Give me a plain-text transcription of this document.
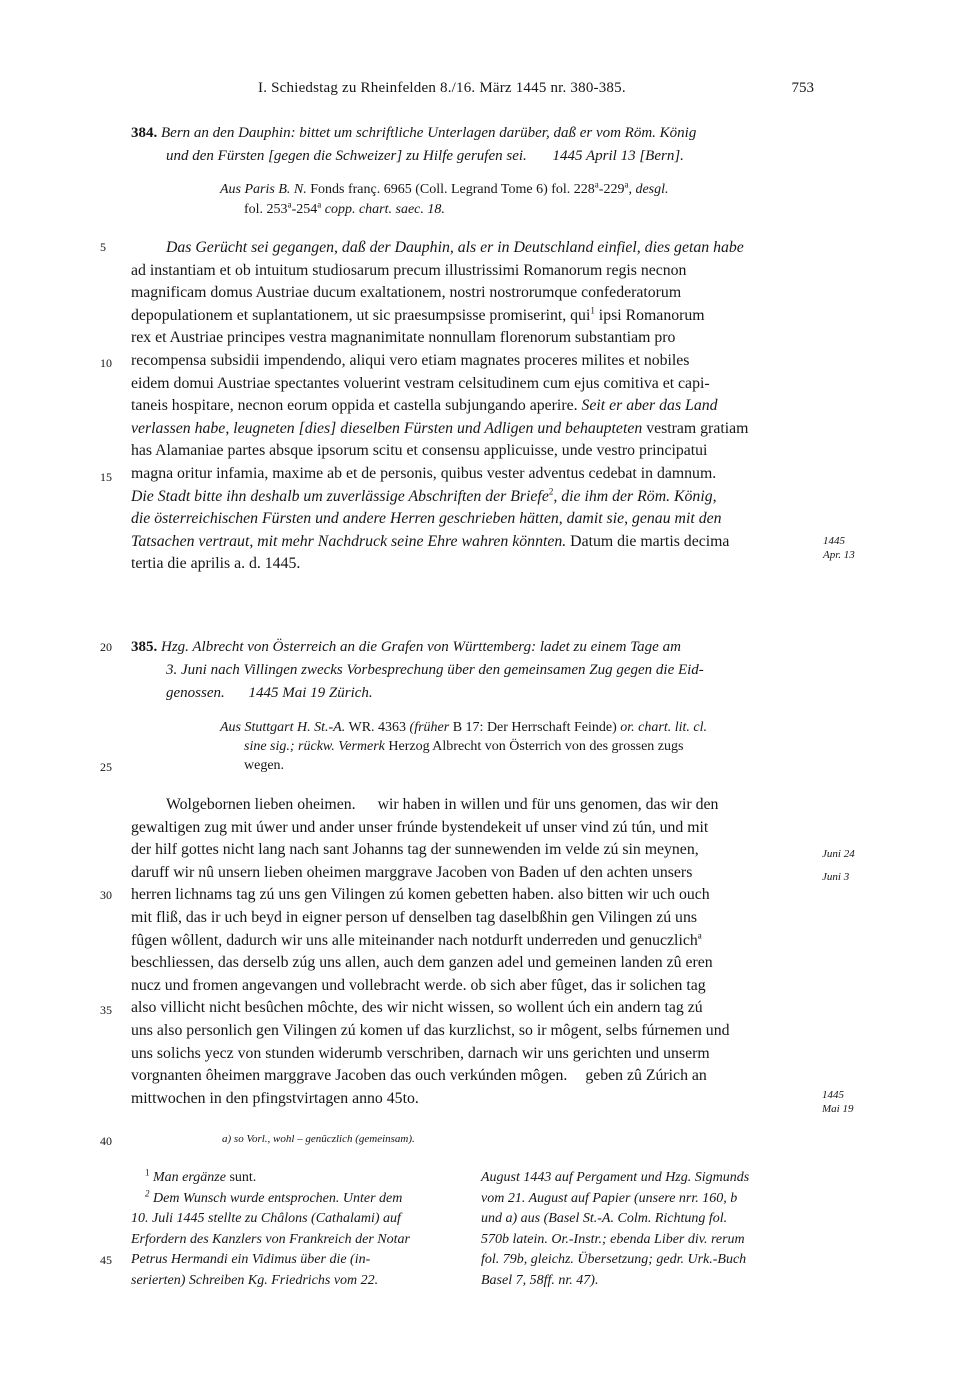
I. Schiedstag zu Rheinfelden 8./16. März 1445 nr. 380-385.	753
384. Bern an den Dauphin: bittet um schriftliche Unterlagen darüber, daß er vom Röm. König
und den Fürsten [gegen die Schweizer] zu Hilfe gerufen sei. 1445 April 13 [Bern].
Aus Paris B. N. Fonds franç. 6965 (Coll. Legrand Tome 6) fol. 228$^a$-229$^a$, desgl.
fol. 253$^a$-254$^a$ copp. chart. saec. 18.
5
10
15
Das Gerücht sei gegangen, daß der Dauphin, als er in Deutschland einfiel, dies getan habe
ad instantiam et ob intuitum studiosarum precum illustrissimi Romanorum regis necnon
magnificam domus Austriae ducum exaltationem, nostri nostrorumque confederatorum
depopulationem et suplantationem, ut sic praesumpsisse promiserint, qui$^1$ ipsi Romanorum
rex et Austriae principes vestra magnanimitate nonnullam florenorum substantiam pro
recompensa subsidii impendendo, aliqui vero etiam magnates proceres milites et nobiles
eidem domui Austriae spectantes voluerint vestram celsitudinem cum ejus comitiva et capi-
taneis hospitare, necnon eorum oppida et castella subjungando aperire. Seit er aber das Land
verlassen habe, leugneten [dies] dieselben Fürsten und Adligen und behaupteten vestram gratiam
has Alamaniae partes absque ipsorum scitu et consensu applicuisse, unde vestro principatui
magna oritur infamia, maxime ab et de personis, quibus vester adventus cedebat in damnum.
Die Stadt bitte ihn deshalb um zuverlässige Abschriften der Briefe$^2$, die ihm der Röm. König,
die österreichischen Fürsten und andere Herren geschrieben hätten, damit sie, genau mit den
Tatsachen vertraut, mit mehr Nachdruck seine Ehre wahren könnten. Datum die martis decima
tertia die aprilis a. d. 1445.
1445
Apr. 13
20	385. Hzg. Albrecht von Österreich an die Grafen von Württemberg: ladet zu einem Tage am
3. Juni nach Villingen zwecks Vorbesprechung über den gemeinsamen Zug gegen die Eid-
genossen. 1445 Mai 19 Zürich.
Aus Stuttgart H. St.-A. WR. 4363 (früher B 17: Der Herrschaft Feinde) or. chart. lit. cl.
sine sig.; rückw. Vermerk Herzog Albrecht von Österrich von des grossen zugs
wegen.
25
30
35
Wolgebornen lieben oheimen. wir haben in willen und für uns genomen, das wir den
gewaltigen zug mit úwer und ander unser frúnde bystendekeit uf unser vind zú tún, und mit
der hilf gottes nicht lang nach sant Johanns tag der sunnewenden im velde zú sin meynen,
daruff wir nû unsern lieben oheimen marggrave Jacoben von Baden uf den achten unsers
herren lichnams tag zú uns gen Vilingen zú komen gebetten haben. also bitten wir uch ouch
mit fliß, das ir uch beyd in eigner person uf denselben tag daselbßhin gen Vilingen zú uns
fûgen wôllent, dadurch wir uns alle miteinander nach notdurft underreden und genuczlich$^a$
beschliessen, das derselb zúg uns allen, auch dem ganzen adel und gemeinen landen zû eren
nucz und fromen angevangen und vollebracht werde. ob sich aber fûget, das ir solichen tag
also villicht nicht besûchen môchte, des wir nicht wissen, so wollent úch ein andern tag zú
uns also personlich gen Vilingen zú komen uf das kurzlichst, so ir môgent, selbs fúrnemen und
uns solichs yecz von stunden widerumb verschriben, darnach wir uns gerichten und unserm
vorgnanten ôheimen marggrave Jacoben das ouch verkúnden môgen. geben zû Zúrich an
mittwochen in den pfingstvirtagen anno 45to.
Juni 24
Juni 3
1445
Mai 19
40	a) so Vorl., wohl – genûczlich (gemeinsam).
$^1$ Man ergänze sunt.
$^2$ Dem Wunsch wurde entsprochen. Unter dem
10. Juli 1445 stellte zu Châlons (Cathalami) auf
Erfordern des Kanzlers von Frankreich der Notar
Petrus Hermandi ein Vidimus über die (in-
serierten) Schreiben Kg. Friedrichs vom 22.
45
August 1443 auf Pergament und Hzg. Sigmunds
vom 21. August auf Papier (unsere nrr. 160, b
und a) aus (Basel St.-A. Colm. Richtung fol.
570b latein. Or.-Instr.; ebenda Liber div. rerum
fol. 79b, gleichz. Übersetzung; gedr. Urk.-Buch
Basel 7, 58ff. nr. 47).
